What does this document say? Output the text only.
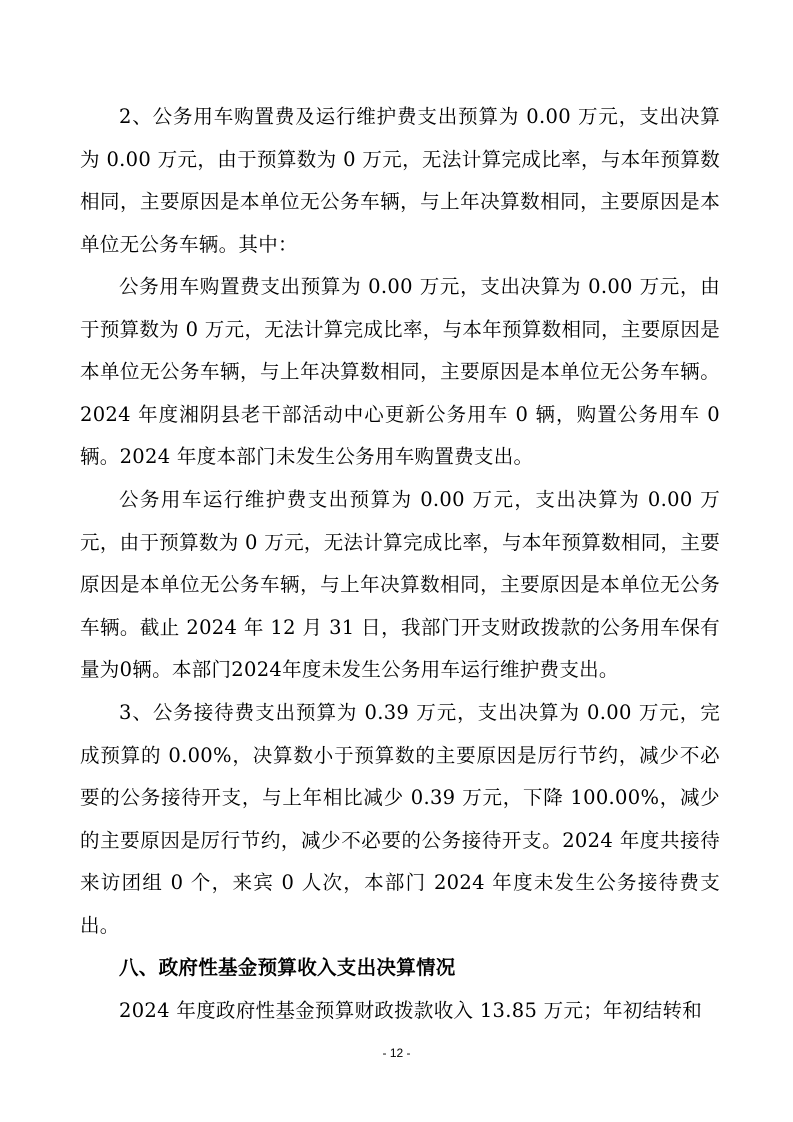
2、公务用车购置费及运行维护费支出预算为 0.00 万元，支出决算为 0.00 万元，由于预算数为 0 万元，无法计算完成比率，与本年预算数相同，主要原因是本单位无公务车辆，与上年决算数相同，主要原因是本单位无公务车辆。其中：

公务用车购置费支出预算为 0.00 万元，支出决算为 0.00 万元，由于预算数为 0 万元，无法计算完成比率，与本年预算数相同，主要原因是本单位无公务车辆，与上年决算数相同，主要原因是本单位无公务车辆。2024 年度湘阴县老干部活动中心更新公务用车 0 辆，购置公务用车 0 辆。2024 年度本部门未发生公务用车购置费支出。

公务用车运行维护费支出预算为 0.00 万元，支出决算为 0.00 万元，由于预算数为 0 万元，无法计算完成比率，与本年预算数相同，主要原因是本单位无公务车辆，与上年决算数相同，主要原因是本单位无公务车辆。截止 2024 年 12 月 31 日，我部门开支财政拨款的公务用车保有量为0辆。本部门2024年度未发生公务用车运行维护费支出。

3、公务接待费支出预算为 0.39 万元，支出决算为 0.00 万元，完成预算的 0.00%，决算数小于预算数的主要原因是厉行节约，减少不必要的公务接待开支，与上年相比减少 0.39 万元，下降 100.00%，减少的主要原因是厉行节约，减少不必要的公务接待开支。2024 年度共接待来访团组 0 个，来宾 0 人次，本部门 2024 年度未发生公务接待费支出。

八、政府性基金预算收入支出决算情况

2024 年度政府性基金预算财政拨款收入 13.85 万元；年初结转和

- 12 -
